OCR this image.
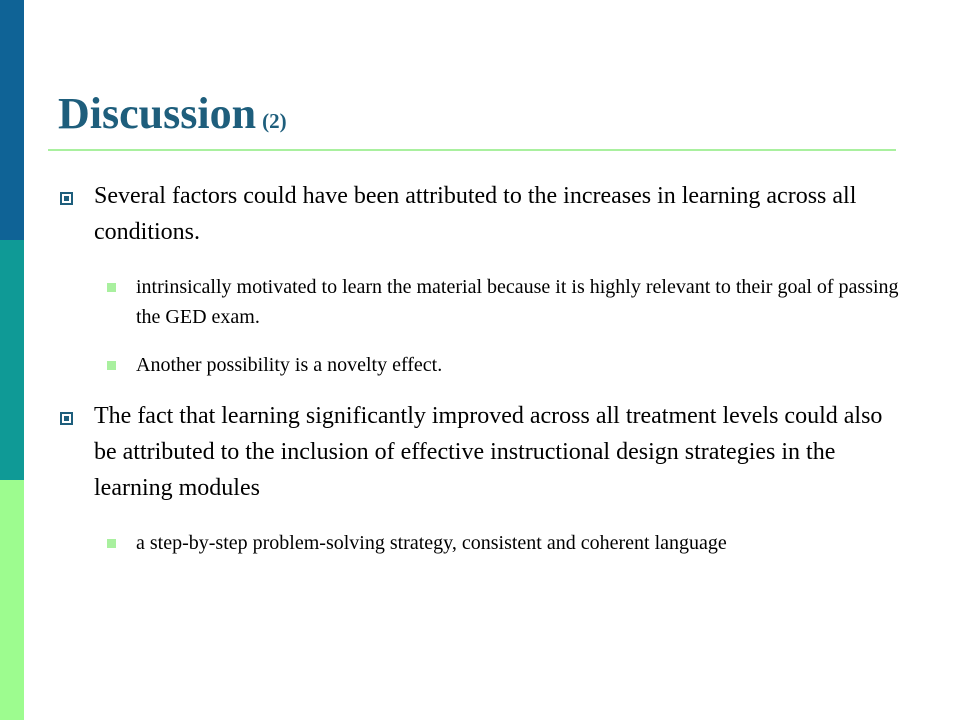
Discussion (2)
Several factors could have been attributed to the increases in learning across all conditions.
intrinsically motivated to learn the material because it is highly relevant to their goal of passing the GED exam.
Another possibility is a novelty effect.
The fact that learning significantly improved across all treatment levels could also be attributed to the inclusion of effective instructional design strategies in the learning modules
a step-by-step problem-solving strategy, consistent and coherent language
